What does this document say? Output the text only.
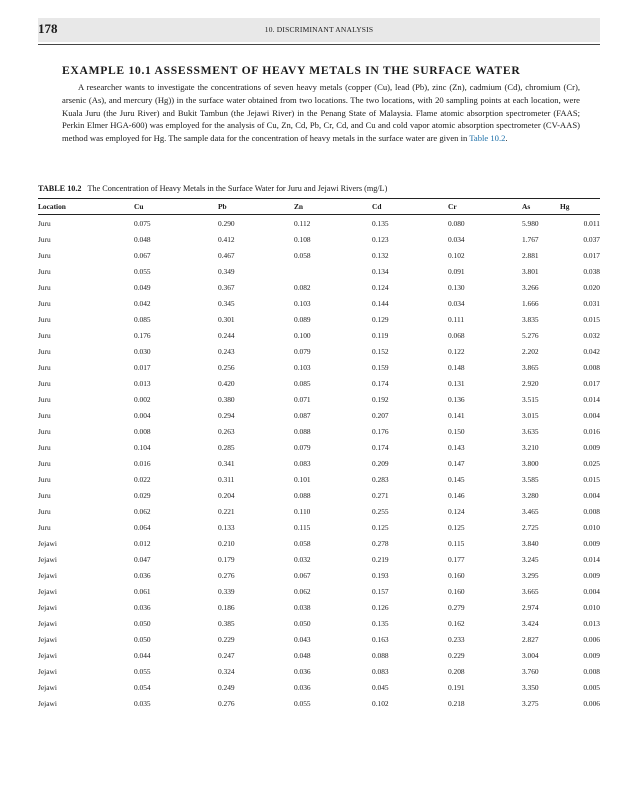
178	10. DISCRIMINANT ANALYSIS
EXAMPLE 10.1 ASSESSMENT OF HEAVY METALS IN THE SURFACE WATER

A researcher wants to investigate the concentrations of seven heavy metals (copper (Cu), lead (Pb), zinc (Zn), cadmium (Cd), chromium (Cr), arsenic (As), and mercury (Hg)) in the surface water obtained from two locations. The two locations, with 20 sampling points at each location, were Kuala Juru (the Juru River) and Bukit Tambun (the Jejawi River) in the Penang State of Malaysia. Flame atomic absorption spectrometer (FAAS; Perkin Elmer HGA-600) was employed for the analysis of Cu, Zn, Cd, Pb, Cr, Cd, and Cu and cold vapor atomic absorption spectrometer (CV-AAS) method was employed for Hg. The sample data for the concentration of heavy metals in the surface water are given in Table 10.2.

TABLE 10.2 The Concentration of Heavy Metals in the Surface Water for Juru and Jejawi Rivers (mg/L)
Location	Cu	Pb	Zn	Cd	Cr	As	Hg
Juru	0.075	0.290	0.112	0.135	0.080	5.980	0.011
Juru	0.048	0.412	0.108	0.123	0.034	1.767	0.037
Juru	0.067	0.467	0.058	0.132	0.102	2.881	0.017
Juru	0.055	0.349		0.134	0.091	3.801	0.038
Juru	0.049	0.367	0.082	0.124	0.130	3.266	0.020
Juru	0.042	0.345	0.103	0.144	0.034	1.666	0.031
Juru	0.085	0.301	0.089	0.129	0.111	3.835	0.015
Juru	0.176	0.244	0.100	0.119	0.068	5.276	0.032
Juru	0.030	0.243	0.079	0.152	0.122	2.202	0.042
Juru	0.017	0.256	0.103	0.159	0.148	3.865	0.008
Juru	0.013	0.420	0.085	0.174	0.131	2.920	0.017
Juru	0.002	0.380	0.071	0.192	0.136	3.515	0.014
Juru	0.004	0.294	0.087	0.207	0.141	3.015	0.004
Juru	0.008	0.263	0.088	0.176	0.150	3.635	0.016
Juru	0.104	0.285	0.079	0.174	0.143	3.210	0.009
Juru	0.016	0.341	0.083	0.209	0.147	3.800	0.025
Juru	0.022	0.311	0.101	0.283	0.145	3.585	0.015
Juru	0.029	0.204	0.088	0.271	0.146	3.280	0.004
Juru	0.062	0.221	0.110	0.255	0.124	3.465	0.008
Juru	0.064	0.133	0.115	0.125	0.125	2.725	0.010
Jejawi	0.012	0.210	0.058	0.278	0.115	3.840	0.009
Jejawi	0.047	0.179	0.032	0.219	0.177	3.245	0.014
Jejawi	0.036	0.276	0.067	0.193	0.160	3.295	0.009
Jejawi	0.061	0.339	0.062	0.157	0.160	3.665	0.004
Jejawi	0.036	0.186	0.038	0.126	0.279	2.974	0.010
Jejawi	0.050	0.385	0.050	0.135	0.162	3.424	0.013
Jejawi	0.050	0.229	0.043	0.163	0.233	2.827	0.006
Jejawi	0.044	0.247	0.048	0.088	0.229	3.004	0.009
Jejawi	0.055	0.324	0.036	0.083	0.208	3.760	0.008
Jejawi	0.054	0.249	0.036	0.045	0.191	3.350	0.005
Jejawi	0.035	0.276	0.055	0.102	0.218	3.275	0.006
